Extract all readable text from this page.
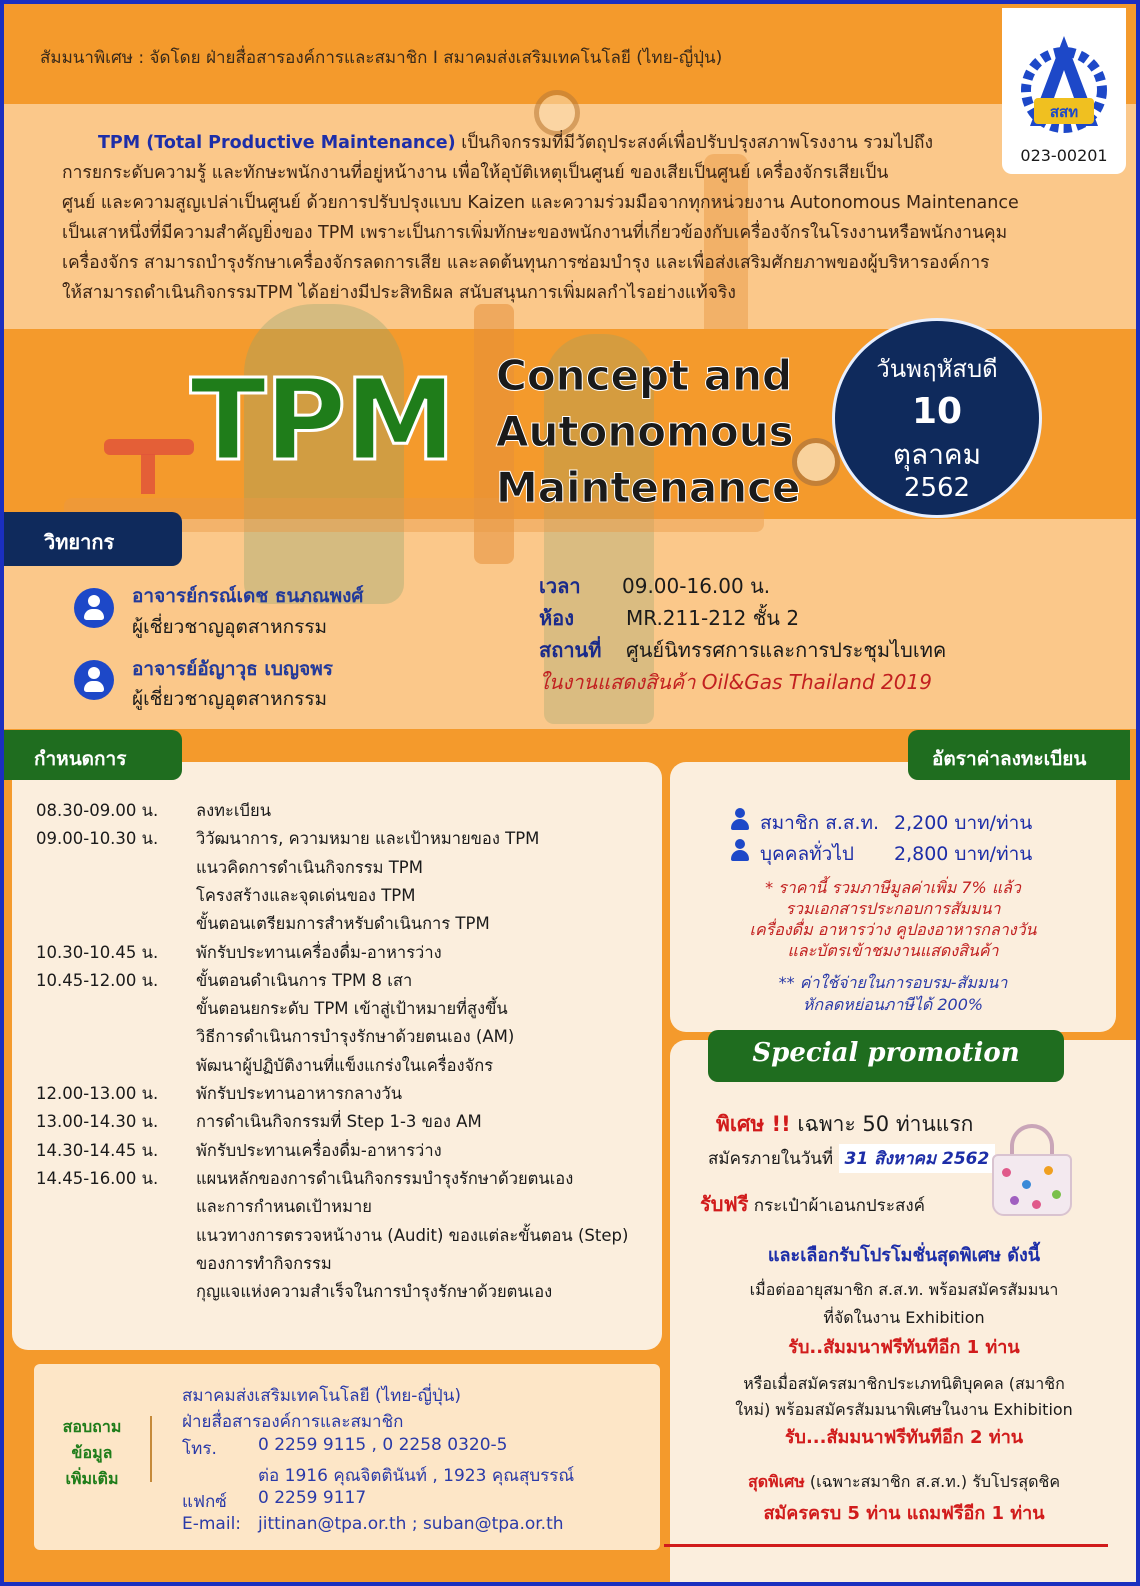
สัมมนาพิเศษ : จัดโดย ฝ่ายสื่อสารองค์การและสมาชิก I สมาคมส่งเสริมเทคโนโลยี (ไทย-ญี่ปุ่น)
TPM (Total Productive Maintenance) เป็นกิจกรรมที่มีวัตถุประสงค์เพื่อปรับปรุงสภาพโรงงาน รวมไปถึง
การยกระดับความรู้ และทักษะพนักงานที่อยู่หน้างาน เพื่อให้อุบัติเหตุเป็นศูนย์ ของเสียเป็นศูนย์ เครื่องจักรเสียเป็น
ศูนย์ และความสูญเปล่าเป็นศูนย์ ด้วยการปรับปรุงแบบ Kaizen และความร่วมมือจากทุกหน่วยงาน Autonomous Maintenance
เป็นเสาหนึ่งที่มีความสำคัญยิ่งของ TPM เพราะเป็นการเพิ่มทักษะของพนักงานที่เกี่ยวข้องกับเครื่องจักรในโรงงานหรือพนักงานคุม
เครื่องจักร สามารถบำรุงรักษาเครื่องจักรลดการเสีย และลดต้นทุนการซ่อมบำรุง และเพื่อส่งเสริมศักยภาพของผู้บริหารองค์การ
ให้สามารถดำเนินกิจกรรมTPM ได้อย่างมีประสิทธิผล สนับสนุนการเพิ่มผลกำไรอย่างแท้จริง
TPM Concept and
Autonomous
Maintenance
วันพฤหัสบดี
10
ตุลาคม
2562
วิทยากร
อาจารย์กรณ์เดช ธนภณพงศ์
ผู้เชี่ยวชาญอุตสาหกรรม
อาจารย์อัญาวุธ เบญจพร
ผู้เชี่ยวชาญอุตสาหกรรม
เวลา 09.00-16.00 น.
ห้อง	MR.211-212 ชั้น 2
สถานที่ ศูนย์นิทรรศการและการประชุมไบเทค
ในงานแสดงสินค้า Oil&Gas Thailand 2019
กำหนดการ
08.30-09.00 น. ลงทะเบียน
09.00-10.30 น. วิวัฒนาการ, ความหมาย และเป้าหมายของ TPM
แนวคิดการดำเนินกิจกรรม TPM
โครงสร้างและจุดเด่นของ TPM
ขั้นตอนเตรียมการสำหรับดำเนินการ TPM
10.30-10.45 น. พักรับประทานเครื่องดื่ม-อาหารว่าง
10.45-12.00 น. ขั้นตอนดำเนินการ TPM 8 เสา
ขั้นตอนยกระดับ TPM เข้าสู่เป้าหมายที่สูงขึ้น
วิธีการดำเนินการบำรุงรักษาด้วยตนเอง (AM)
พัฒนาผู้ปฏิบัติงานที่แข็งแกร่งในเครื่องจักร
12.00-13.00 น. พักรับประทานอาหารกลางวัน
13.00-14.30 น. การดำเนินกิจกรรมที่ Step 1-3 ของ AM
14.30-14.45 น. พักรับประทานเครื่องดื่ม-อาหารว่าง
14.45-16.00 น. แผนหลักของการดำเนินกิจกรรมบำรุงรักษาด้วยตนเอง
และการกำหนดเป้าหมาย
แนวทางการตรวจหน้างาน (Audit) ของแต่ละขั้นตอน (Step)
ของการทำกิจกรรม
กุญแจแห่งความสำเร็จในการบำรุงรักษาด้วยตนเอง
สอบถาม
ข้อมูล
เพิ่มเติม
สมาคมส่งเสริมเทคโนโลยี (ไทย-ญี่ปุ่น)
ฝ่ายสื่อสารองค์การและสมาชิก
โทร. 0 2259 9115 , 0 2258 0320-5
ต่อ 1916 คุณจิตตินันท์ , 1923 คุณสุบรรณ์
แฟกซ์ 0 2259 9117
E-mail: jittinan@tpa.or.th ; suban@tpa.or.th
อัตราค่าลงทะเบียน
สมาชิก ส.ส.ท. 2,200 บาท/ท่าน
บุคคลทั่วไป 2,800 บาท/ท่าน
* ราคานี้ รวมภาษีมูลค่าเพิ่ม 7% แล้ว
รวมเอกสารประกอบการสัมมนา
เครื่องดื่ม อาหารว่าง คูปองอาหารกลางวัน
และบัตรเข้าชมงานแสดงสินค้า
** ค่าใช้จ่ายในการอบรม-สัมมนา
หักลดหย่อนภาษีได้ 200%
Special promotion
พิเศษ !! เฉพาะ 50 ท่านแรก
สมัครภายในวันที่ 31 สิงหาคม 2562
รับฟรี กระเป๋าผ้าเอนกประสงค์
และเลือกรับโปรโมชั่นสุดพิเศษ ดังนี้
เมื่อต่ออายุสมาชิก ส.ส.ท. พร้อมสมัครสัมมนา
ที่จัดในงาน Exhibition
รับ..สัมมนาฟรีทันทีอีก 1 ท่าน
หรือเมื่อสมัครสมาชิกประเภทนิติบุคคล (สมาชิก
ใหม่) พร้อมสมัครสัมมนาพิเศษในงาน Exhibition
รับ...สัมมนาฟรีทันทีอีก 2 ท่าน
สุดพิเศษ (เฉพาะสมาชิก ส.ส.ท.) รับโปรสุดชิค
สมัครครบ 5 ท่าน แถมฟรีอีก 1 ท่าน
สสท
023-00201
